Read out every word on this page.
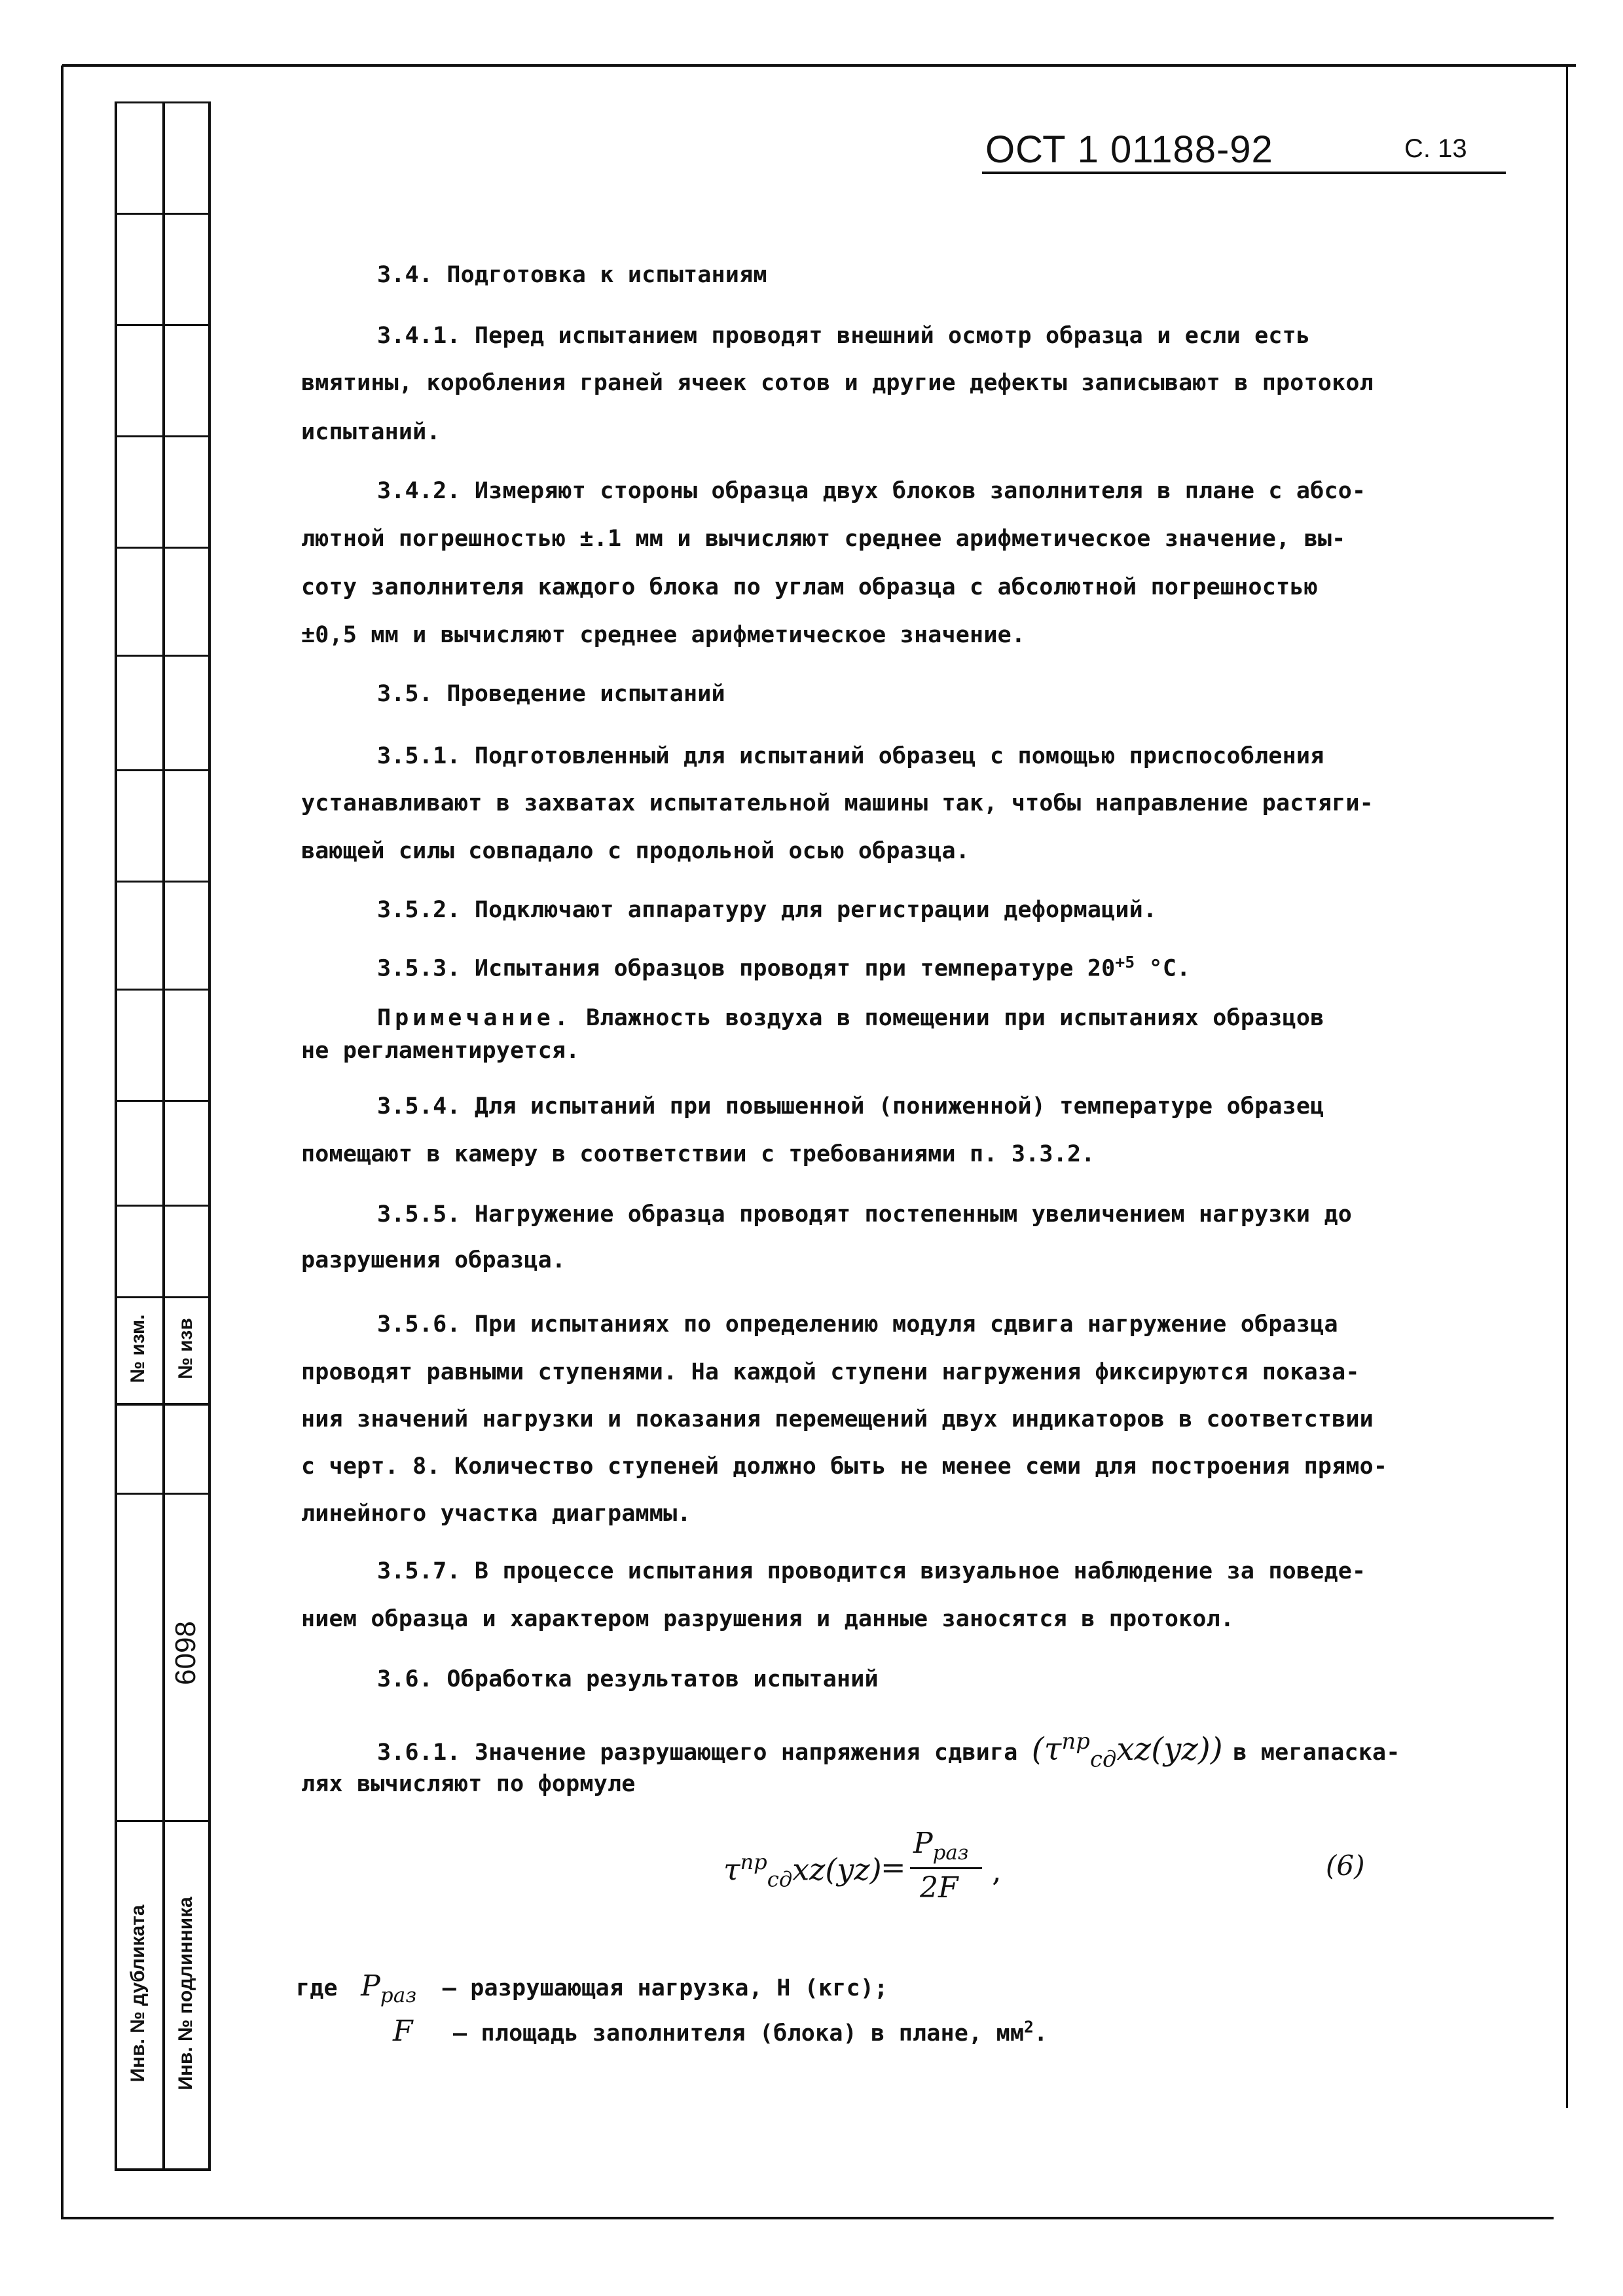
№ изм. № изв
6098
Инв. № дубликата Инв. № подлинника
ОСТ 1 01188-92	С. 13
3.4. Подготовка к испытаниям
3.4.1. Перед испытанием проводят внешний осмотр образца и если есть
вмятины, коробления граней ячеек сотов и другие дефекты записывают в протокол
испытаний.
3.4.2. Измеряют стороны образца двух блоков заполнителя в плане с абсо-
лютной погрешностью ±.1 мм и вычисляют среднее арифметическое значение, вы-
соту заполнителя каждого блока по углам образца с абсолютной погрешностью
±0,5 мм и вычисляют среднее арифметическое значение.
3.5. Проведение испытаний
3.5.1. Подготовленный для испытаний образец с помощью приспособления
устанавливают в захватах испытательной машины так, чтобы направление растяги-
вающей силы совпадало с продольной осью образца.
3.5.2. Подключают аппаратуру для регистрации деформаций.
3.5.3. Испытания образцов проводят при температуре $20^{+5}$ °C.
Примечание. Влажность воздуха в помещении при испытаниях образцов
не регламентируется.
3.5.4. Для испытаний при повышенной (пониженной) температуре образец
помещают в камеру в соответствии с требованиями п. 3.3.2.
3.5.5. Нагружение образца проводят постепенным увеличением нагрузки до
разрушения образца.
3.5.6. При испытаниях по определению модуля сдвига нагружение образца
проводят равными ступенями. На каждой ступени нагружения фиксируются показа-
ния значений нагрузки и показания перемещений двух индикаторов в соответствии
с черт. 8. Количество ступеней должно быть не менее семи для построения прямо-
линейного участка диаграммы.
3.5.7. В процессе испытания проводится визуальное наблюдение за поведе-
нием образца и характером разрушения и данные заносятся в протокол.
3.6. Обработка результатов испытаний
3.6.1. Значение разрушающего напряжения сдвига $(\tau^{пр}_{сд}xz(yz))$ в мегапаска-
лях вычисляют по формуле
$\tau^{пр}_{сд}xz(yz)$
=
$P_{раз}$
2F ,	(6)
где $P_{раз}$ – разрушающая нагрузка, Н (кгс);
F – площадь заполнителя (блока) в плане, $мм^2$.
